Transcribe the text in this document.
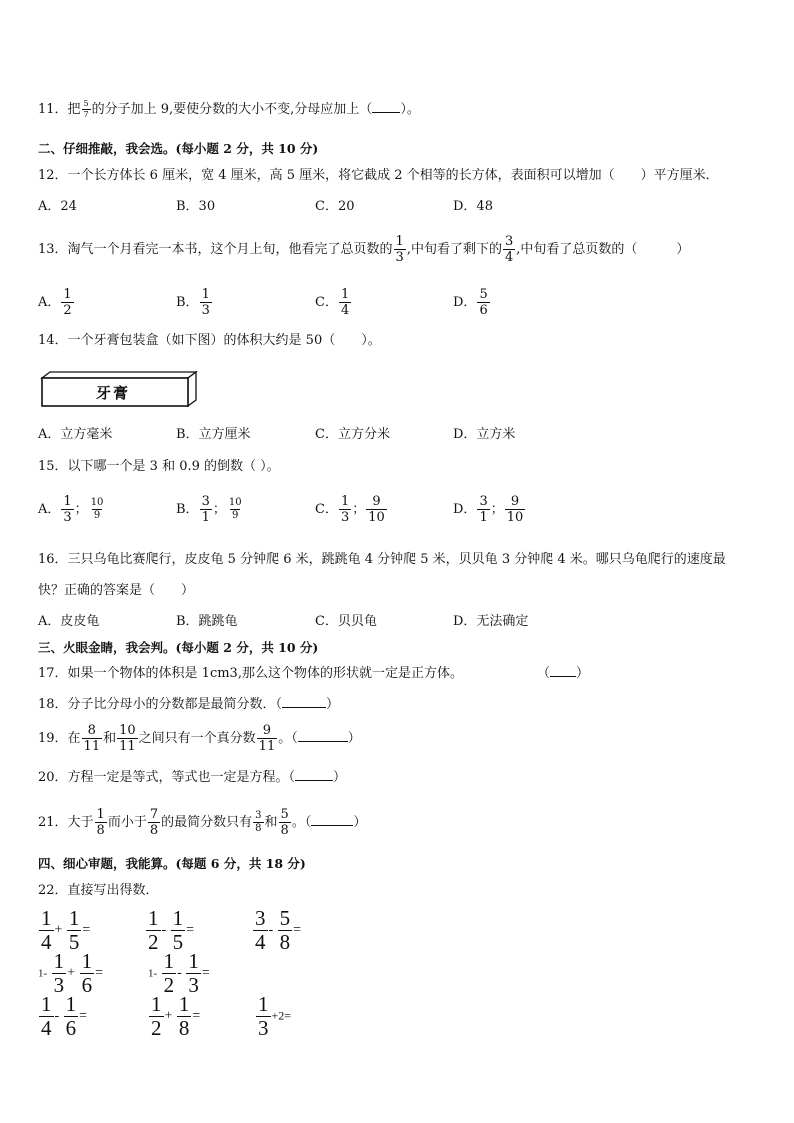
11．把 $\frac{5}{7}$ 的分子加上 9,要使分数的大小不变,分母应加上（ ）。
二、仔细推敲，我会选。(每小题 2 分，共 10 分)
12．一个长方体长 6 厘米，宽 4 厘米，高 5 厘米，将它截成 2 个相等的长方体，表面积可以增加（　　）平方厘米．
A．24	B．30	C．20	D．48
13．淘气一个月看完一本书，这个月上旬，他看完了总页数的 $\frac{1}{3}$ ,中旬看了剩下的 $\frac{3}{4}$ ,中旬看了总页数的（　　　）
A． $\frac{1}{2}$	B． $\frac{1}{3}$	C． $\frac{1}{4}$	D． $\frac{5}{6}$
14．一个牙膏包装盒（如下图）的体积大约是 50（　　）。
牙膏
A．立方毫米	B．立方厘米	C．立方分米	D．立方米
15．以下哪一个是 3 和 0.9 的倒数（ ）。
A． $\frac{1}{3}$ ； $\frac{10}{9}$	B． $\frac{3}{1}$ ； $\frac{10}{9}$	C． $\frac{1}{3}$ ； $\frac{9}{10}$	D． $\frac{3}{1}$ ； $\frac{9}{10}$
16．三只乌龟比赛爬行，皮皮龟 5 分钟爬 6 米，跳跳龟 4 分钟爬 5 米，贝贝龟 3 分钟爬 4 米。哪只乌龟爬行的速度最
快？正确的答案是（　　）
A．皮皮龟	B．跳跳龟	C．贝贝龟	D．无法确定
三、火眼金睛，我会判。(每小题 2 分，共 10 分)
17．如果一个物体的体积是 1cm3,那么这个物体的形状就一定是正方体。	（ ）
18．分子比分母小的分数都是最简分数．（	）
19．在 $\frac{8}{11}$ 和 $\frac{10}{11}$ 之间只有一个真分数 $\frac{9}{11}$ 。（	）
20．方程一定是等式，等式也一定是方程。（	）
21．大于 $\frac{1}{8}$ 而小于 $\frac{7}{8}$ 的最简分数只有 $\frac{3}{8}$ 和 $\frac{5}{8}$ 。（	）
四、细心审题，我能算。(每题 6 分，共 18 分)
22．直接写出得数．
$\frac{1}{4} + \frac{1}{5}$ =	$\frac{1}{2} - \frac{1}{5}$ =	$\frac{3}{4} - \frac{5}{8}$ =
$1- \frac{1}{3} + \frac{1}{6}$ =	$1- \frac{1}{2} - \frac{1}{3}$ =
$\frac{1}{4} - \frac{1}{6}$ =	$\frac{1}{2} + \frac{1}{8}$ =	$\frac{1}{3} +2=$
